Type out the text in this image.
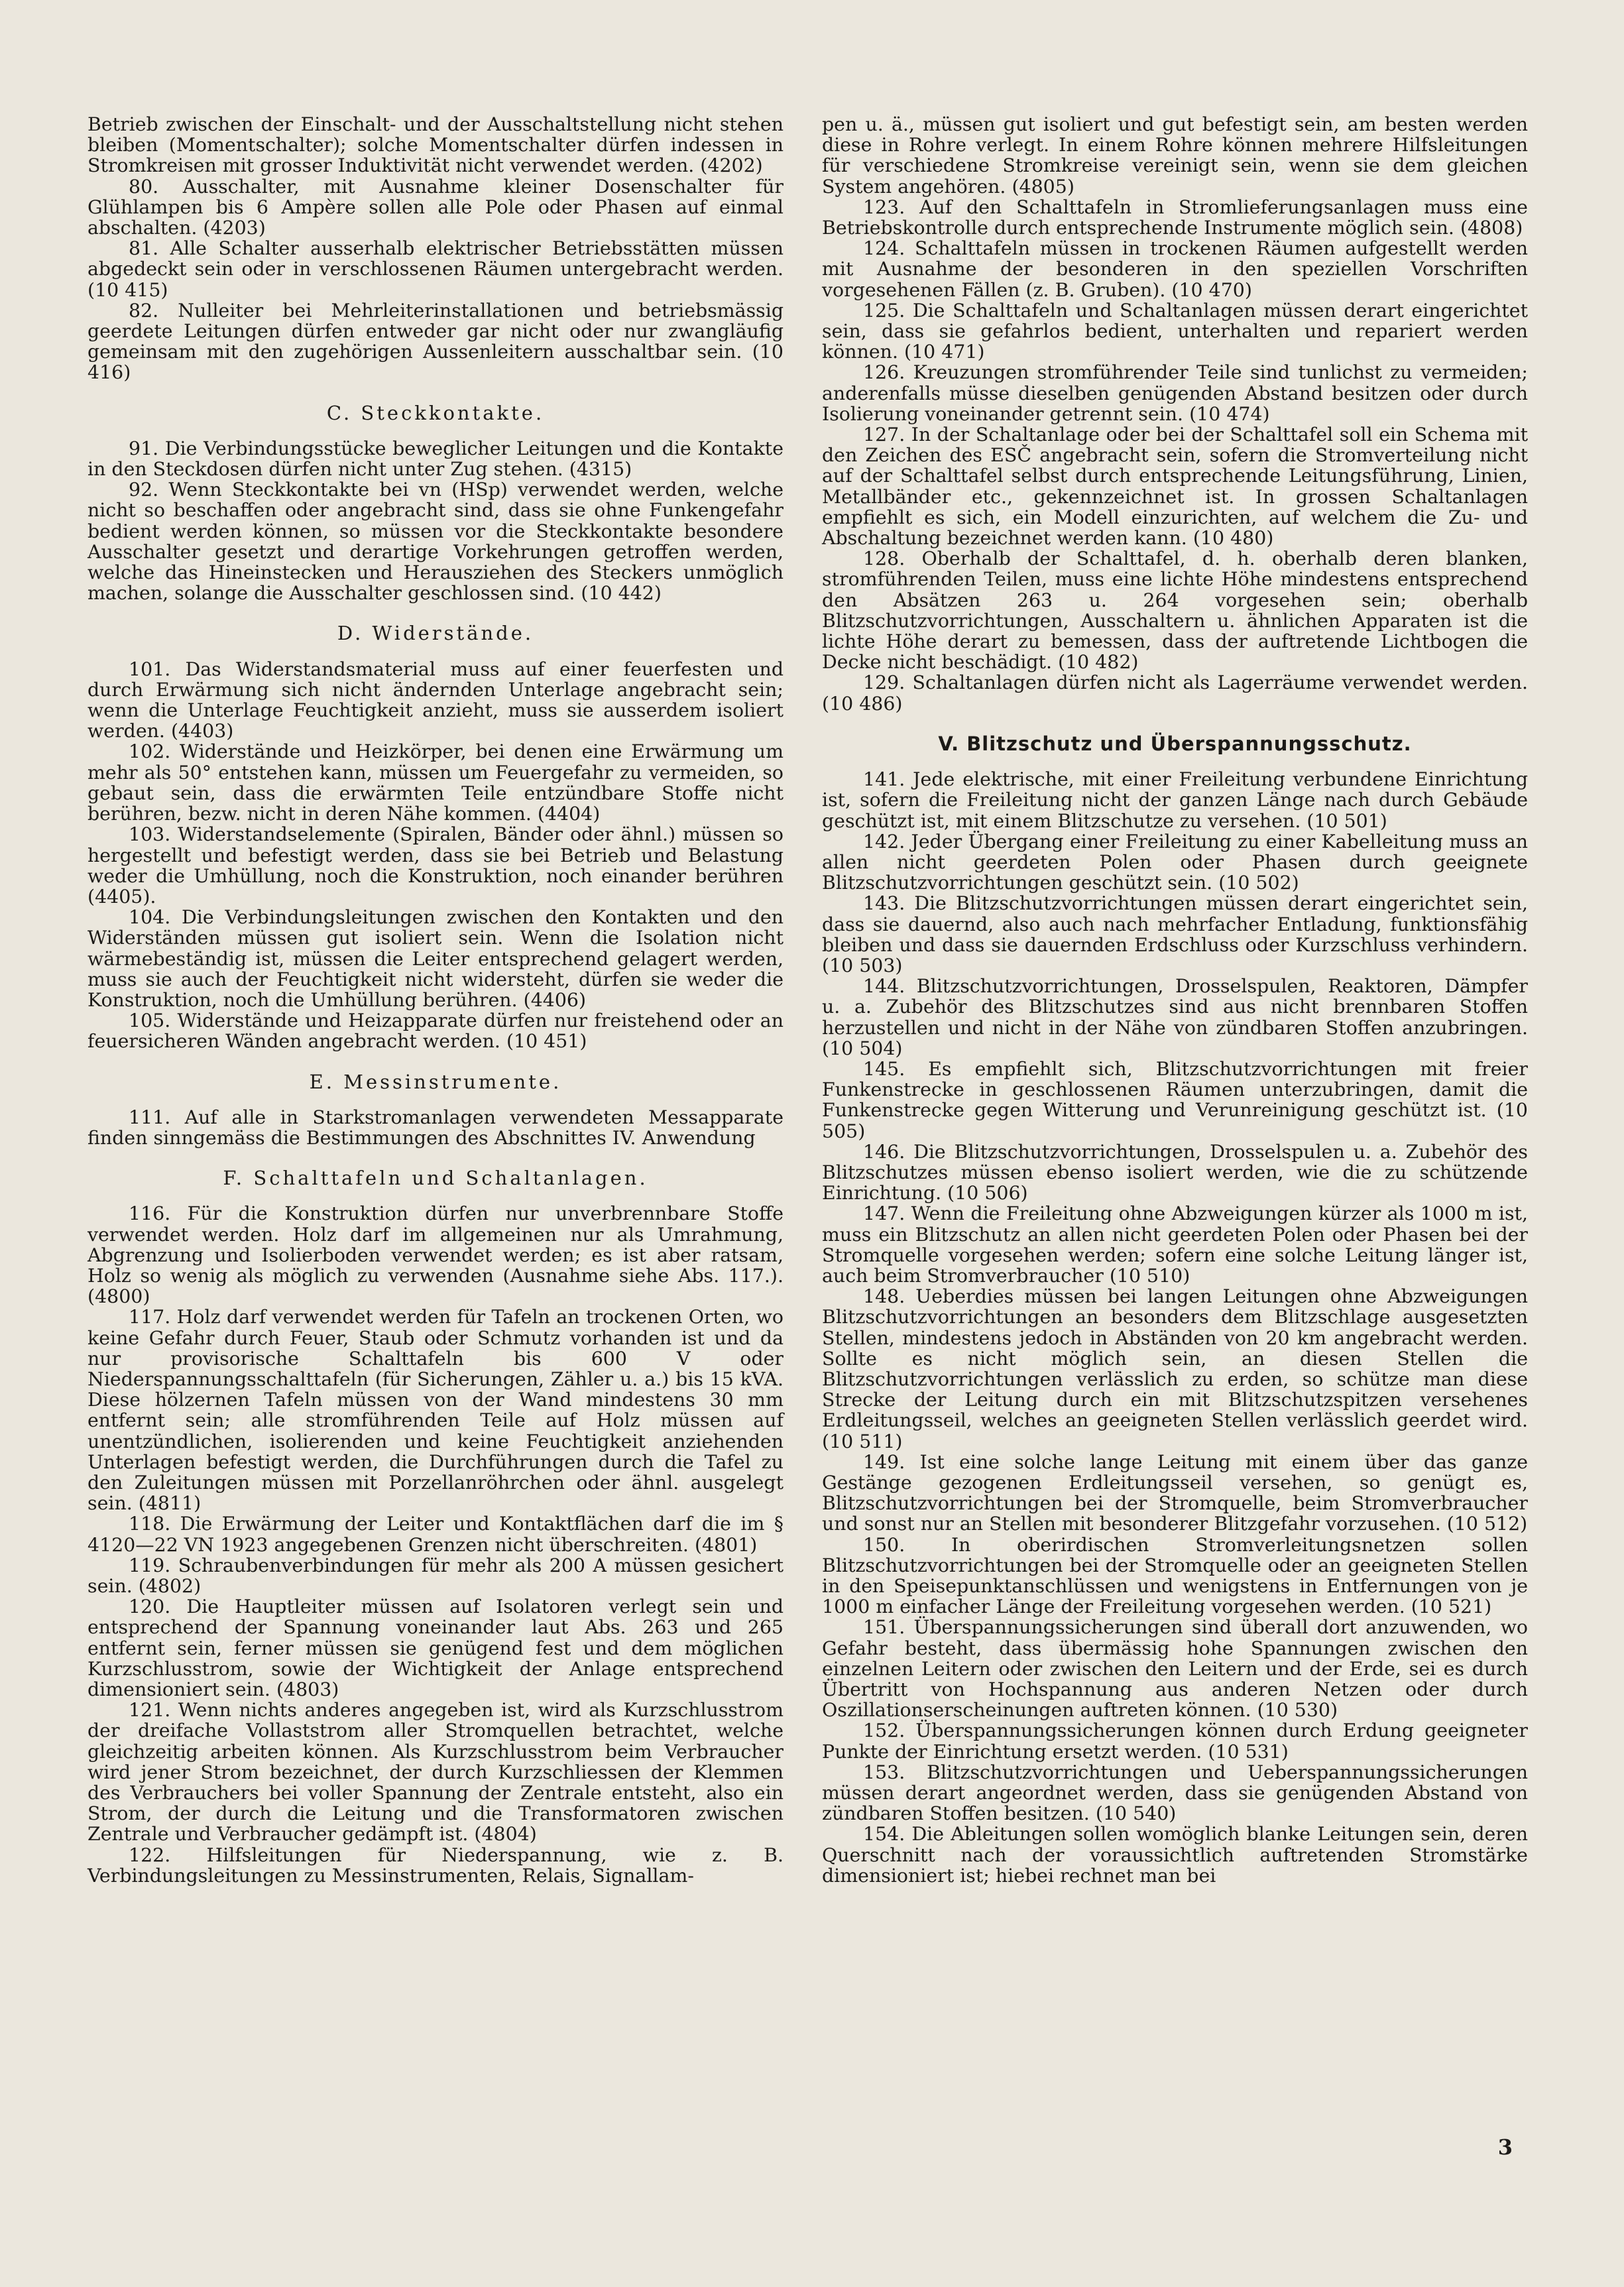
Betrieb zwischen der Einschalt- und der Ausschaltstellung nicht stehen bleiben (Momentschalter); solche Momentschalter dürfen indessen in Stromkreisen mit grosser Induktivität nicht verwendet werden. (4202)

80. Ausschalter, mit Ausnahme kleiner Dosenschalter für Glühlampen bis 6 Ampère sollen alle Pole oder Phasen auf einmal abschalten. (4203)

81. Alle Schalter ausserhalb elektrischer Betriebsstätten müssen abgedeckt sein oder in verschlossenen Räumen untergebracht werden. (10 415)

82. Nulleiter bei Mehrleiterinstallationen und betriebsmässig geerdete Leitungen dürfen entweder gar nicht oder nur zwangläufig gemeinsam mit den zugehörigen Aussenleitern ausschaltbar sein. (10 416)

C. Steckkontakte.

91. Die Verbindungsstücke beweglicher Leitungen und die Kontakte in den Steckdosen dürfen nicht unter Zug stehen. (4315)

92. Wenn Steckkontakte bei vn (HSp) verwendet werden, welche nicht so beschaffen oder angebracht sind, dass sie ohne Funkengefahr bedient werden können, so müssen vor die Steckkontakte besondere Ausschalter gesetzt und derartige Vorkehrungen getroffen werden, welche das Hineinstecken und Herausziehen des Steckers unmöglich machen, solange die Ausschalter geschlossen sind. (10 442)

D. Widerstände.

101. Das Widerstandsmaterial muss auf einer feuerfesten und durch Erwärmung sich nicht ändernden Unterlage angebracht sein; wenn die Unterlage Feuchtigkeit anzieht, muss sie ausserdem isoliert werden. (4403)

102. Widerstände und Heizkörper, bei denen eine Erwärmung um mehr als 50° entstehen kann, müssen um Feuergefahr zu vermeiden, so gebaut sein, dass die erwärmten Teile entzündbare Stoffe nicht berühren, bezw. nicht in deren Nähe kommen. (4404)

103. Widerstandselemente (Spiralen, Bänder oder ähnl.) müssen so hergestellt und befestigt werden, dass sie bei Betrieb und Belastung weder die Umhüllung, noch die Konstruktion, noch einander berühren (4405).

104. Die Verbindungsleitungen zwischen den Kontakten und den Widerständen müssen gut isoliert sein. Wenn die Isolation nicht wärmebeständig ist, müssen die Leiter entsprechend gelagert werden, muss sie auch der Feuchtigkeit nicht widersteht, dürfen sie weder die Konstruktion, noch die Umhüllung berühren. (4406)

105. Widerstände und Heizapparate dürfen nur freistehend oder an feuersicheren Wänden angebracht werden. (10 451)

E. Messinstrumente.

111. Auf alle in Starkstromanlagen verwendeten Messapparate finden sinngemäss die Bestimmungen des Abschnittes IV. Anwendung

F. Schalttafeln und Schaltanlagen.

116. Für die Konstruktion dürfen nur unverbrennbare Stoffe verwendet werden. Holz darf im allgemeinen nur als Umrahmung, Abgrenzung und Isolierboden verwendet werden; es ist aber ratsam, Holz so wenig als möglich zu verwenden (Ausnahme siehe Abs. 117.). (4800)

117. Holz darf verwendet werden für Tafeln an trockenen Orten, wo keine Gefahr durch Feuer, Staub oder Schmutz vorhanden ist und da nur provisorische Schalttafeln bis 600 V oder Niederspannungsschalttafeln (für Sicherungen, Zähler u. a.) bis 15 kVA. Diese hölzernen Tafeln müssen von der Wand mindestens 30 mm entfernt sein; alle stromführenden Teile auf Holz müssen auf unentzündlichen, isolierenden und keine Feuchtigkeit anziehenden Unterlagen befestigt werden, die Durchführungen durch die Tafel zu den Zuleitungen müssen mit Porzellanröhrchen oder ähnl. ausgelegt sein. (4811)

118. Die Erwärmung der Leiter und Kontaktflächen darf die im § 4120—22 VN 1923 angegebenen Grenzen nicht überschreiten. (4801)

119. Schraubenverbindungen für mehr als 200 A müssen gesichert sein. (4802)

120. Die Hauptleiter müssen auf Isolatoren verlegt sein und entsprechend der Spannung voneinander laut Abs. 263 und 265 entfernt sein, ferner müssen sie genügend fest und dem möglichen Kurzschlusstrom, sowie der Wichtigkeit der Anlage entsprechend dimensioniert sein. (4803)

121. Wenn nichts anderes angegeben ist, wird als Kurzschlusstrom der dreifache Vollaststrom aller Stromquellen betrachtet, welche gleichzeitig arbeiten können. Als Kurzschlusstrom beim Verbraucher wird jener Strom bezeichnet, der durch Kurzschliessen der Klemmen des Verbrauchers bei voller Spannung der Zentrale entsteht, also ein Strom, der durch die Leitung und die Transformatoren zwischen Zentrale und Verbraucher gedämpft ist. (4804)

122. Hilfsleitungen für Niederspannung, wie z. B. Verbindungsleitungen zu Messinstrumenten, Relais, Signallam-

pen u. ä., müssen gut isoliert und gut befestigt sein, am besten werden diese in Rohre verlegt. In einem Rohre können mehrere Hilfsleitungen für verschiedene Stromkreise vereinigt sein, wenn sie dem gleichen System angehören. (4805)

123. Auf den Schalttafeln in Stromlieferungsanlagen muss eine Betriebskontrolle durch entsprechende Instrumente möglich sein. (4808)

124. Schalttafeln müssen in trockenen Räumen aufgestellt werden mit Ausnahme der besonderen in den speziellen Vorschriften vorgesehenen Fällen (z. B. Gruben). (10 470)

125. Die Schalttafeln und Schaltanlagen müssen derart eingerichtet sein, dass sie gefahrlos bedient, unterhalten und repariert werden können. (10 471)

126. Kreuzungen stromführender Teile sind tunlichst zu vermeiden; anderenfalls müsse dieselben genügenden Abstand besitzen oder durch Isolierung voneinander getrennt sein. (10 474)

127. In der Schaltanlage oder bei der Schalttafel soll ein Schema mit den Zeichen des ESČ angebracht sein, sofern die Stromverteilung nicht auf der Schalttafel selbst durch entsprechende Leitungsführung, Linien, Metallbänder etc., gekennzeichnet ist. In grossen Schaltanlagen empfiehlt es sich, ein Modell einzurichten, auf welchem die Zu- und Abschaltung bezeichnet werden kann. (10 480)

128. Oberhalb der Schalttafel, d. h. oberhalb deren blanken, stromführenden Teilen, muss eine lichte Höhe mindestens entsprechend den Absätzen 263 u. 264 vorgesehen sein; oberhalb Blitzschutzvorrichtungen, Ausschaltern u. ähnlichen Apparaten ist die lichte Höhe derart zu bemessen, dass der auftretende Lichtbogen die Decke nicht beschädigt. (10 482)

129. Schaltanlagen dürfen nicht als Lagerräume verwendet werden. (10 486)

V. Blitzschutz und Überspannungsschutz.

141. Jede elektrische, mit einer Freileitung verbundene Einrichtung ist, sofern die Freileitung nicht der ganzen Länge nach durch Gebäude geschützt ist, mit einem Blitzschutze zu versehen. (10 501)

142. Jeder Übergang einer Freileitung zu einer Kabelleitung muss an allen nicht geerdeten Polen oder Phasen durch geeignete Blitzschutzvorrichtungen geschützt sein. (10 502)

143. Die Blitzschutzvorrichtungen müssen derart eingerichtet sein, dass sie dauernd, also auch nach mehrfacher Entladung, funktionsfähig bleiben und dass sie dauernden Erdschluss oder Kurzschluss verhindern. (10 503)

144. Blitzschutzvorrichtungen, Drosselspulen, Reaktoren, Dämpfer u. a. Zubehör des Blitzschutzes sind aus nicht brennbaren Stoffen herzustellen und nicht in der Nähe von zündbaren Stoffen anzubringen. (10 504)

145. Es empfiehlt sich, Blitzschutzvorrichtungen mit freier Funkenstrecke in geschlossenen Räumen unterzubringen, damit die Funkenstrecke gegen Witterung und Verunreinigung geschützt ist. (10 505)

146. Die Blitzschutzvorrichtungen, Drosselspulen u. a. Zubehör des Blitzschutzes müssen ebenso isoliert werden, wie die zu schützende Einrichtung. (10 506)

147. Wenn die Freileitung ohne Abzweigungen kürzer als 1000 m ist, muss ein Blitzschutz an allen nicht geerdeten Polen oder Phasen bei der Stromquelle vorgesehen werden; sofern eine solche Leitung länger ist, auch beim Stromverbraucher (10 510)

148. Ueberdies müssen bei langen Leitungen ohne Abzweigungen Blitzschutzvorrichtungen an besonders dem Blitzschlage ausgesetzten Stellen, mindestens jedoch in Abständen von 20 km angebracht werden. Sollte es nicht möglich sein, an diesen Stellen die Blitzschutzvorrichtungen verlässlich zu erden, so schütze man diese Strecke der Leitung durch ein mit Blitzschutzspitzen versehenes Erdleitungsseil, welches an geeigneten Stellen verlässlich geerdet wird. (10 511)

149. Ist eine solche lange Leitung mit einem über das ganze Gestänge gezogenen Erdleitungsseil versehen, so genügt es, Blitzschutzvorrichtungen bei der Stromquelle, beim Stromverbraucher und sonst nur an Stellen mit besonderer Blitzgefahr vorzusehen. (10 512)

150. In oberirdischen Stromverleitungsnetzen sollen Blitzschutzvorrichtungen bei der Stromquelle oder an geeigneten Stellen in den Speisepunktanschlüssen und wenigstens in Entfernungen von je 1000 m einfacher Länge der Freileitung vorgesehen werden. (10 521)

151. Überspannungssicherungen sind überall dort anzuwenden, wo Gefahr besteht, dass übermässig hohe Spannungen zwischen den einzelnen Leitern oder zwischen den Leitern und der Erde, sei es durch Übertritt von Hochspannung aus anderen Netzen oder durch Oszillationserscheinungen auftreten können. (10 530)

152. Überspannungssicherungen können durch Erdung geeigneter Punkte der Einrichtung ersetzt werden. (10 531)

153. Blitzschutzvorrichtungen und Ueberspannungssicherungen müssen derart angeordnet werden, dass sie genügenden Abstand von zündbaren Stoffen besitzen. (10 540)

154. Die Ableitungen sollen womöglich blanke Leitungen sein, deren Querschnitt nach der voraussichtlich auftretenden Stromstärke dimensioniert ist; hiebei rechnet man bei

3
